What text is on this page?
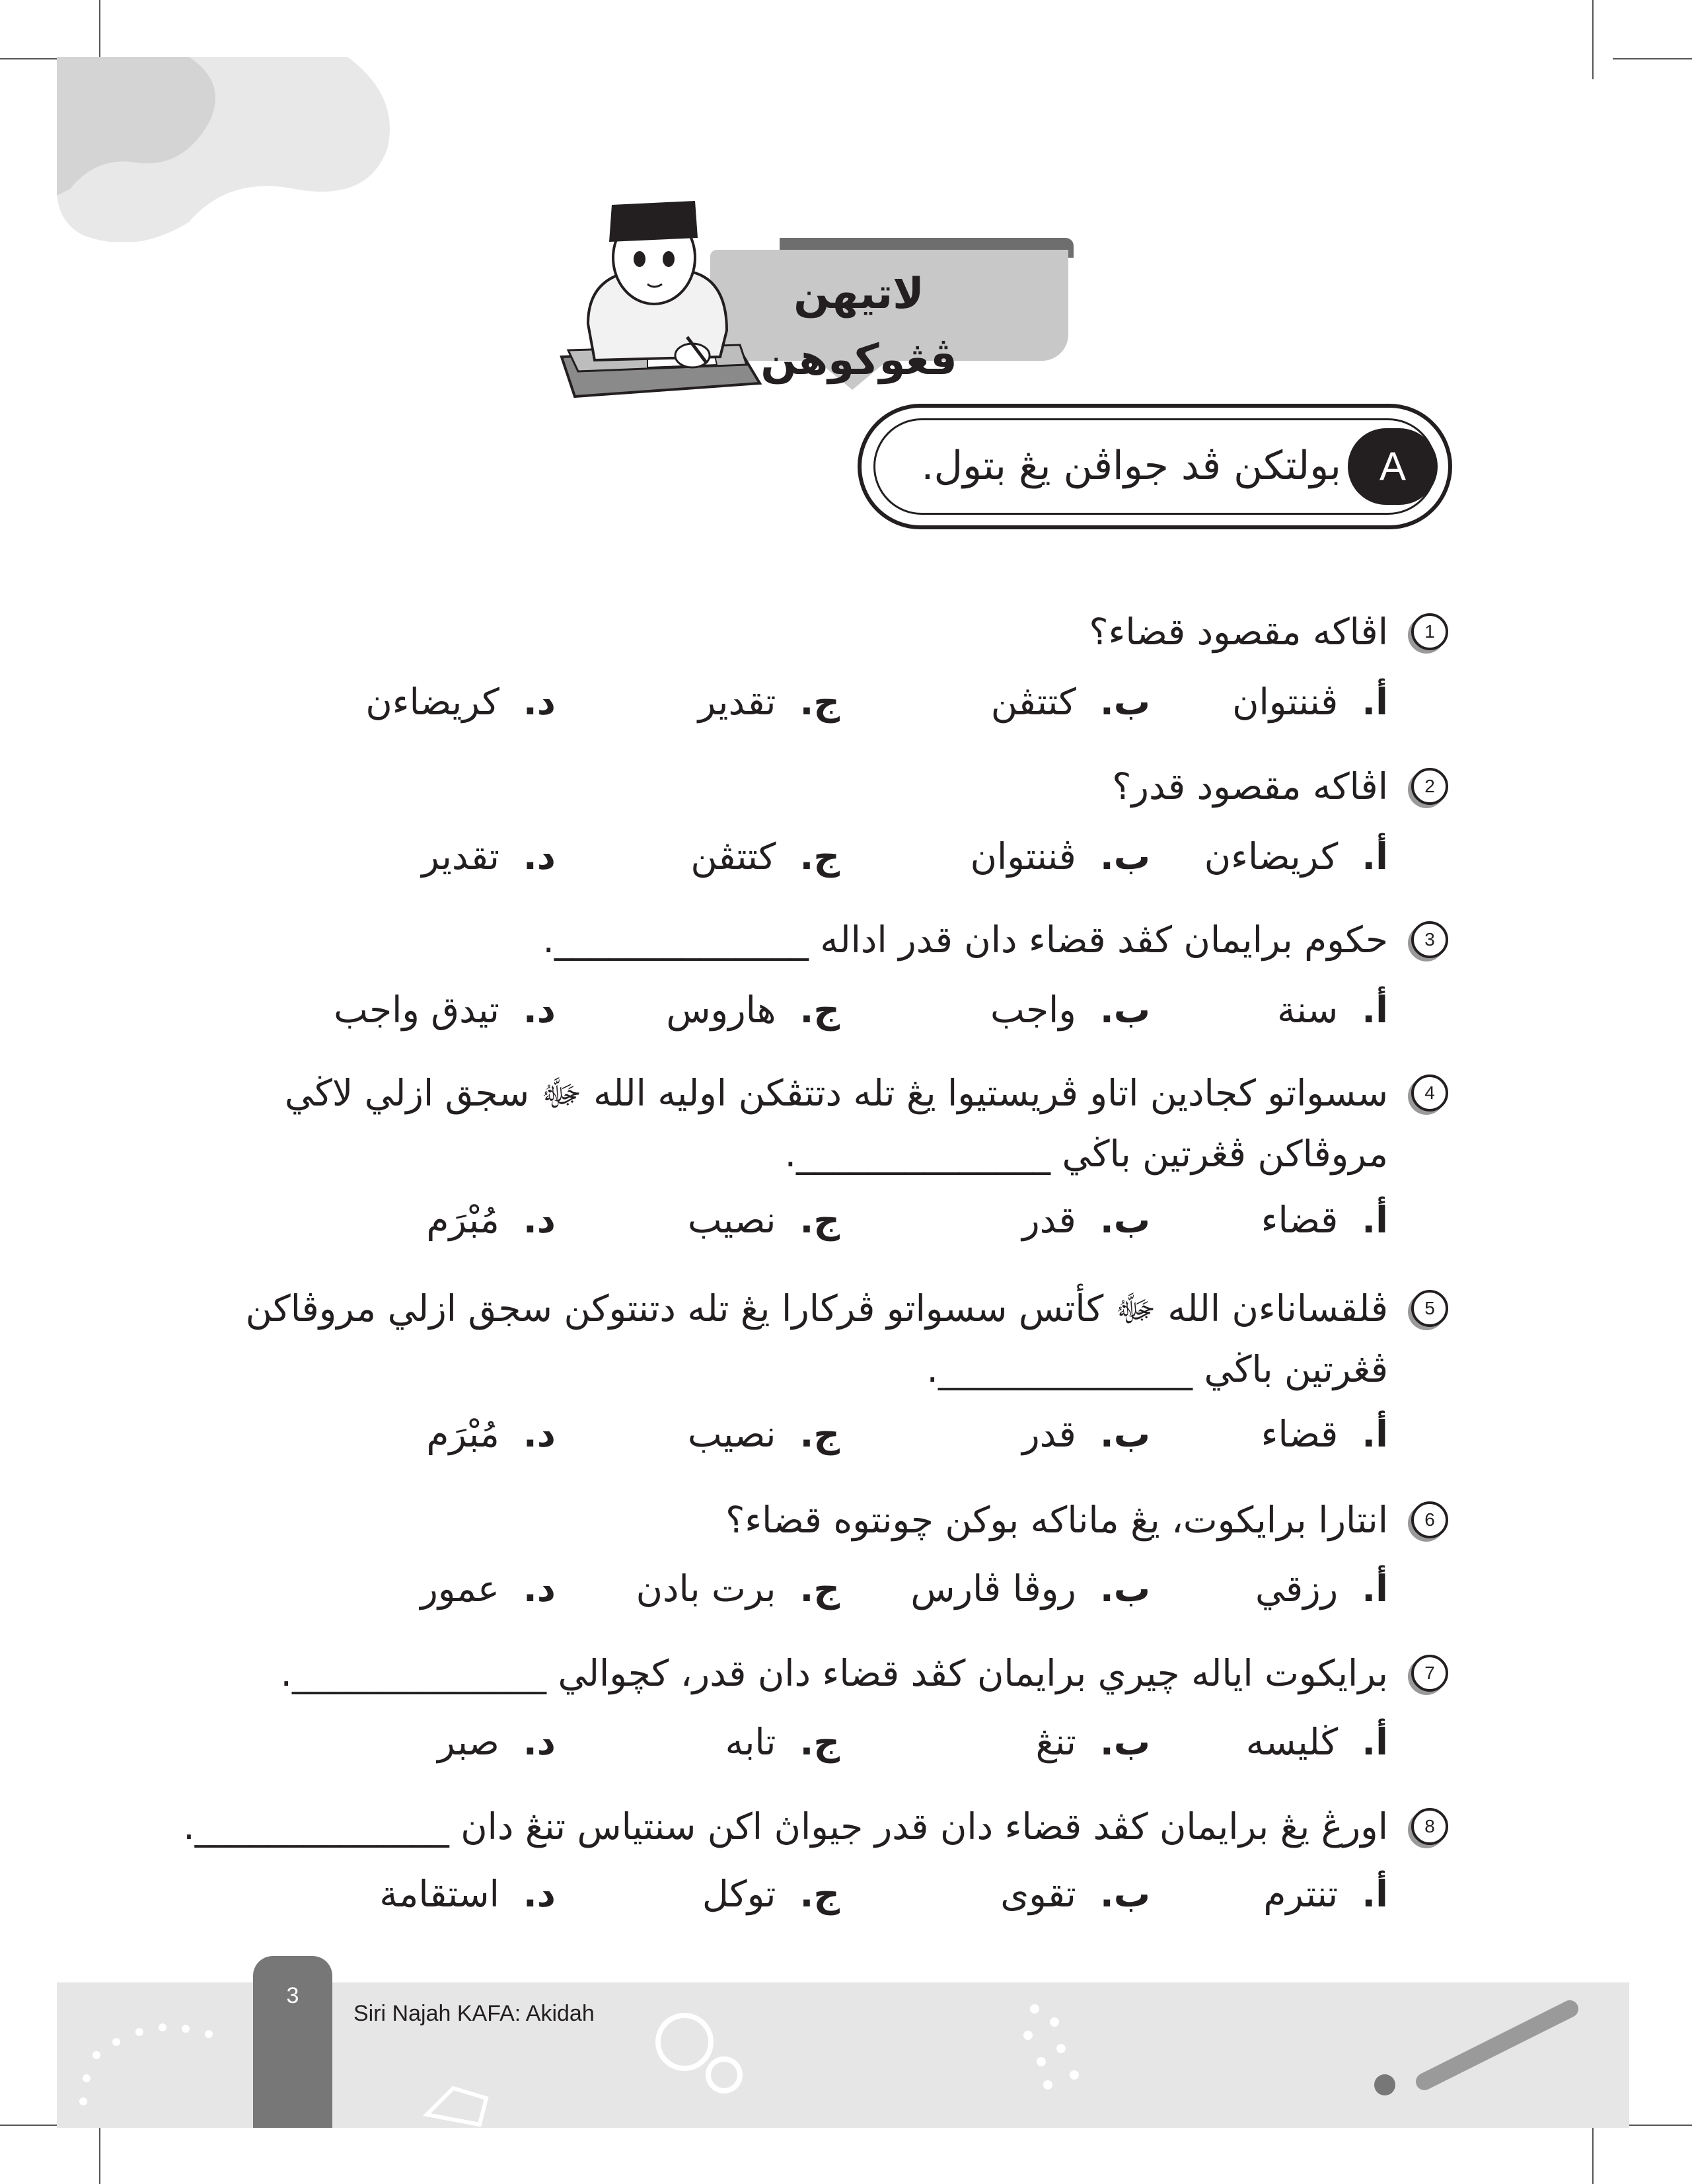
لاتيهن ڤڠوكوهن
A
بولتكن ڤد جواڤن يڠ بتول.
1
اڤاكه مقصود قضاء؟
أ.ڤننتوان
ب.كتتڤن
ج.تقدير
د.كريضاءن
2
اڤاكه مقصود قدر؟
أ.كريضاءن
ب.ڤننتوان
ج.كتتڤن
د.تقدير
3
حكوم برايمان كڤد قضاء دان قدر اداله ______________.
أ.سنة
ب.واجب
ج.هاروس
د.تيدق واجب
4
سسواتو كجادين اتاو ڤريستيوا يڠ تله دتتڤكن اوليه الله ﷻ سجق ازلي لاڬي
مروڤاكن ڤڠرتين باڬي ______________.
أ.قضاء
ب.قدر
ج.نصيب
د.مُبْرَم
5
ڤلقساناءن الله ﷻ كأتس سسواتو ڤركارا يڠ تله دتنتوكن سجق ازلي مروڤاكن
ڤڠرتين باڬي ______________.
أ.قضاء
ب.قدر
ج.نصيب
د.مُبْرَم
6
انتارا برايكوت، يڠ ماناكه بوكن چونتوه قضاء؟
أ.رزقي
ب.روڤا ڤارس
ج.برت بادن
د.عمور
7
برايكوت اياله چيري برايمان كڤد قضاء دان قدر، كچوالي ______________.
أ.ڬليسه
ب.تنڠ
ج.تابه
د.صبر
8
اورڠ يڠ برايمان كڤد قضاء دان قدر جيواڽ اكن سنتياس تنڠ دان ______________.
أ.تنترم
ب.تقوى
ج.توكل
د.استقامة
3
Siri Najah KAFA: Akidah
